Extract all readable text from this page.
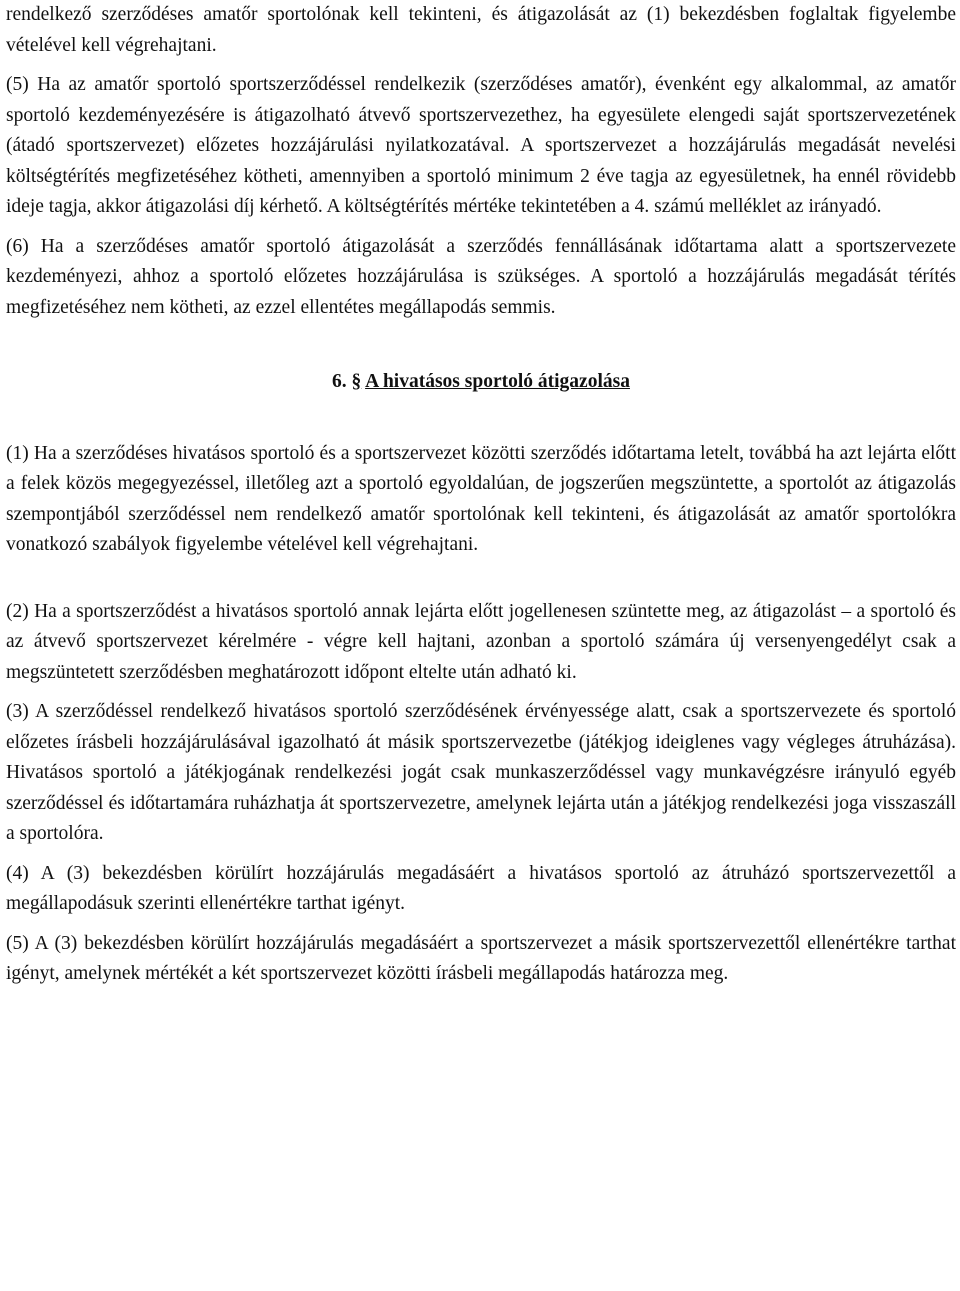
rendelkező szerződéses amatőr sportolónak kell tekinteni, és átigazolását az (1) bekezdésben foglaltak figyelembe vételével kell végrehajtani.

(5) Ha az amatőr sportoló sportszerződéssel rendelkezik (szerződéses amatőr), évenként egy alkalommal, az amatőr sportoló kezdeményezésére is átigazolható átvevő sportszervezethez, ha egyesülete elengedi saját sportszervezetének (átadó sportszervezet) előzetes hozzájárulási nyilatkozatával. A sportszervezet a hozzájárulás megadását nevelési költségtérítés megfizetéséhez kötheti, amennyiben a sportoló minimum 2 éve tagja az egyesületnek, ha ennél rövidebb ideje tagja, akkor átigazolási díj kérhető. A költségtérítés mértéke tekintetében a 4. számú melléklet az irányadó.

(6) Ha a szerződéses amatőr sportoló átigazolását a szerződés fennállásának időtartama alatt a sportszervezete kezdeményezi, ahhoz a sportoló előzetes hozzájárulása is szükséges. A sportoló a hozzájárulás megadását térítés megfizetéséhez nem kötheti, az ezzel ellentétes megállapodás semmis.

6. § A hivatásos sportoló átigazolása

(1) Ha a szerződéses hivatásos sportoló és a sportszervezet közötti szerződés időtartama letelt, továbbá ha azt lejárta előtt a felek közös megegyezéssel, illetőleg azt a sportoló egyoldalúan, de jogszerűen megszüntette, a sportolót az átigazolás szempontjából szerződéssel nem rendelkező amatőr sportolónak kell tekinteni, és átigazolását az amatőr sportolókra vonatkozó szabályok figyelembe vételével kell végrehajtani.

(2) Ha a sportszerződést a hivatásos sportoló annak lejárta előtt jogellenesen szüntette meg, az átigazolást – a sportoló és az átvevő sportszervezet kérelmére - végre kell hajtani, azonban a sportoló számára új versenyengedélyt csak a megszüntetett szerződésben meghatározott időpont eltelte után adható ki.

(3) A szerződéssel rendelkező hivatásos sportoló szerződésének érvényessége alatt, csak a sportszervezete és sportoló előzetes írásbeli hozzájárulásával igazolható át másik sportszervezetbe (játékjog ideiglenes vagy végleges átruházása). Hivatásos sportoló a játékjogának rendelkezési jogát csak munkaszerződéssel vagy munkavégzésre irányuló egyéb szerződéssel és időtartamára ruházhatja át sportszervezetre, amelynek lejárta után a játékjog rendelkezési joga visszaszáll a sportolóra.

(4) A (3) bekezdésben körülírt hozzájárulás megadásáért a hivatásos sportoló az átruházó sportszervezettől a megállapodásuk szerinti ellenértékre tarthat igényt.

(5) A (3) bekezdésben körülírt hozzájárulás megadásáért a sportszervezet a másik sportszervezettől ellenértékre tarthat igényt, amelynek mértékét a két sportszervezet közötti írásbeli megállapodás határozza meg.
